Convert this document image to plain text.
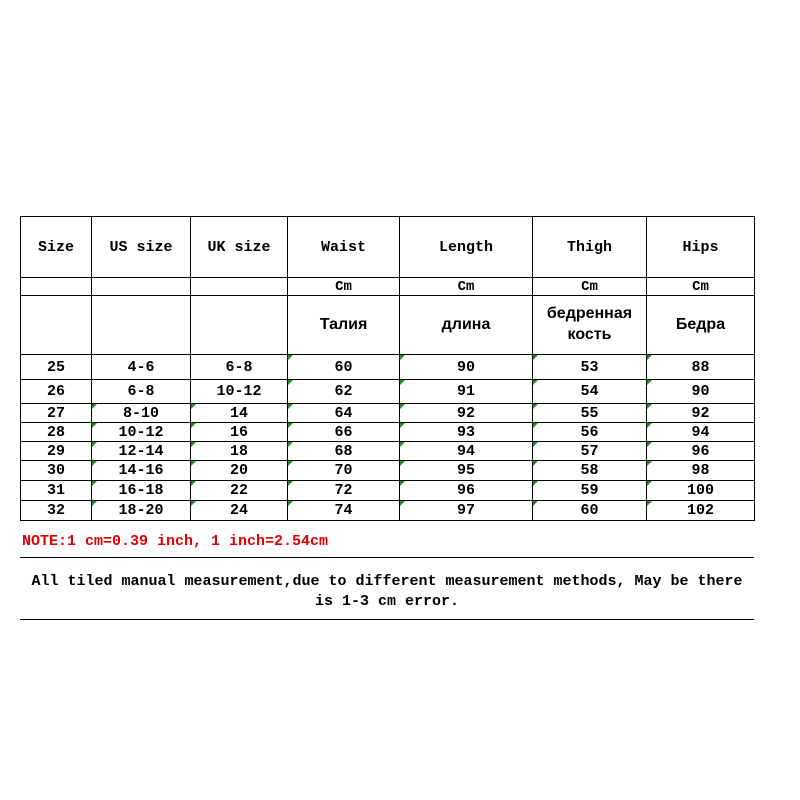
Size	US size	UK size	Waist	Length	Thigh	Hips
			Cm	Cm	Cm	Cm
			Талия	длина	бедренная кость	Бедра
25	4-6	6-8	60	90	53	88
26	6-8	10-12	62	91	54	90
27	8-10	14	64	92	55	92
28	10-12	16	66	93	56	94
29	12-14	18	68	94	57	96
30	14-16	20	70	95	58	98
31	16-18	22	72	96	59	100
32	18-20	24	74	97	60	102

NOTE:1 cm=0.39 inch, 1 inch=2.54cm

All tiled manual measurement,due to different measurement methods, May be there is 1-3 cm error.
